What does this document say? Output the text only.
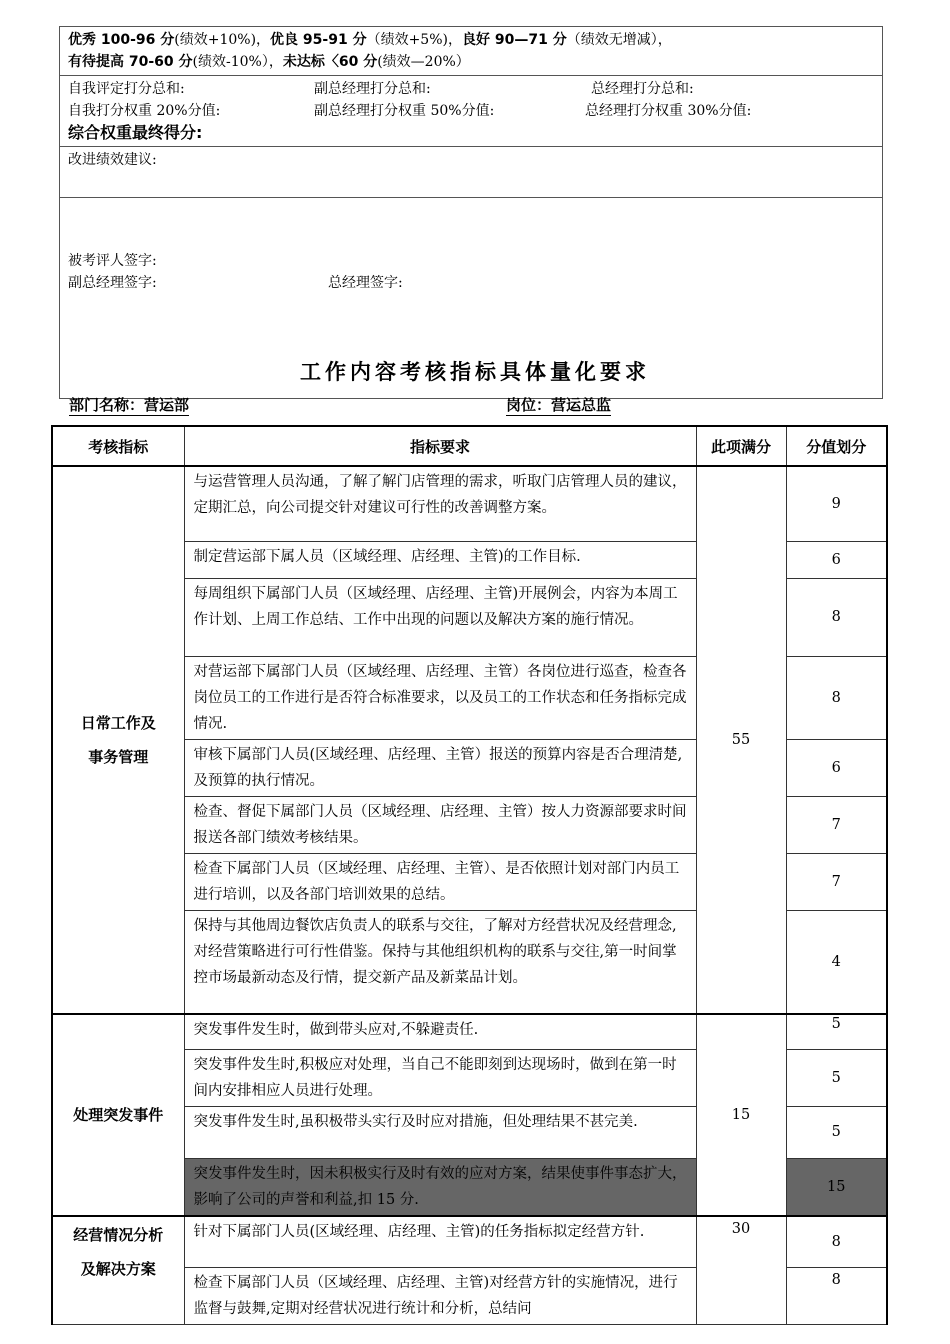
优秀 100-96 分(绩效+10%)，优良 95-91 分（绩效+5%)，良好 90—71 分（绩效无增减），
有待提高 70-60 分(绩效-10%），未达标〈60 分(绩效—20%）

自我评定打分总和:	副总经理打分总和:	总经理打分总和:
自我打分权重 20%分值:	副总经理打分权重 50%分值:	总经理打分权重 30%分值:
综合权重最终得分:

改进绩效建议:

被考评人签字:
副总经理签字:	总经理签字:
工作内容考核指标具体量化要求
部门名称：营运部	岗位：营运总监
考核指标	指标要求	此项满分	分值划分

日常工作及
事务管理	与运营管理人员沟通，了解了解门店管理的需求，听取门店管理人员的建议，定期汇总，向公司提交针对建议可行性的改善调整方案。	55	9
	制定营运部下属人员（区域经理、店经理、主管)的工作目标.		6
	每周组织下属部门人员（区域经理、店经理、主管)开展例会，内容为本周工作计划、上周工作总结、工作中出现的问题以及解决方案的施行情况。		8
	对营运部下属部门人员（区域经理、店经理、主管）各岗位进行巡查，检查各岗位员工的工作进行是否符合标准要求，以及员工的工作状态和任务指标完成情况.		8
	审核下属部门人员(区域经理、店经理、主管）报送的预算内容是否合理清楚,及预算的执行情况。		6
	检查、督促下属部门人员（区域经理、店经理、主管）按人力资源部要求时间报送各部门绩效考核结果。		7
	检查下属部门人员（区域经理、店经理、主管）、是否依照计划对部门内员工进行培训，以及各部门培训效果的总结。		7
	保持与其他周边餐饮店负责人的联系与交往，了解对方经营状况及经营理念,对经营策略进行可行性借鉴。保持与其他组织机构的联系与交往,第一时间掌控市场最新动态及行情，提交新产品及新菜品计划。		4

处理突发事件	突发事件发生时，做到带头应对,不躲避责任.	15	5
	突发事件发生时,积极应对处理，当自己不能即刻到达现场时，做到在第一时间内安排相应人员进行处理。		5
	突发事件发生时,虽积极带头实行及时应对措施，但处理结果不甚完美.		5
	突发事件发生时，因未积极实行及时有效的应对方案，结果使事件事态扩大，影响了公司的声誉和利益,扣 15 分.		15

经营情况分析
及解决方案	针对下属部门人员(区域经理、店经理、主管)的任务指标拟定经营方针.	30	8
	检查下属部门人员（区域经理、店经理、主管)对经营方针的实施情况，进行监督与鼓舞,定期对经营状况进行统计和分析，总结问		8
